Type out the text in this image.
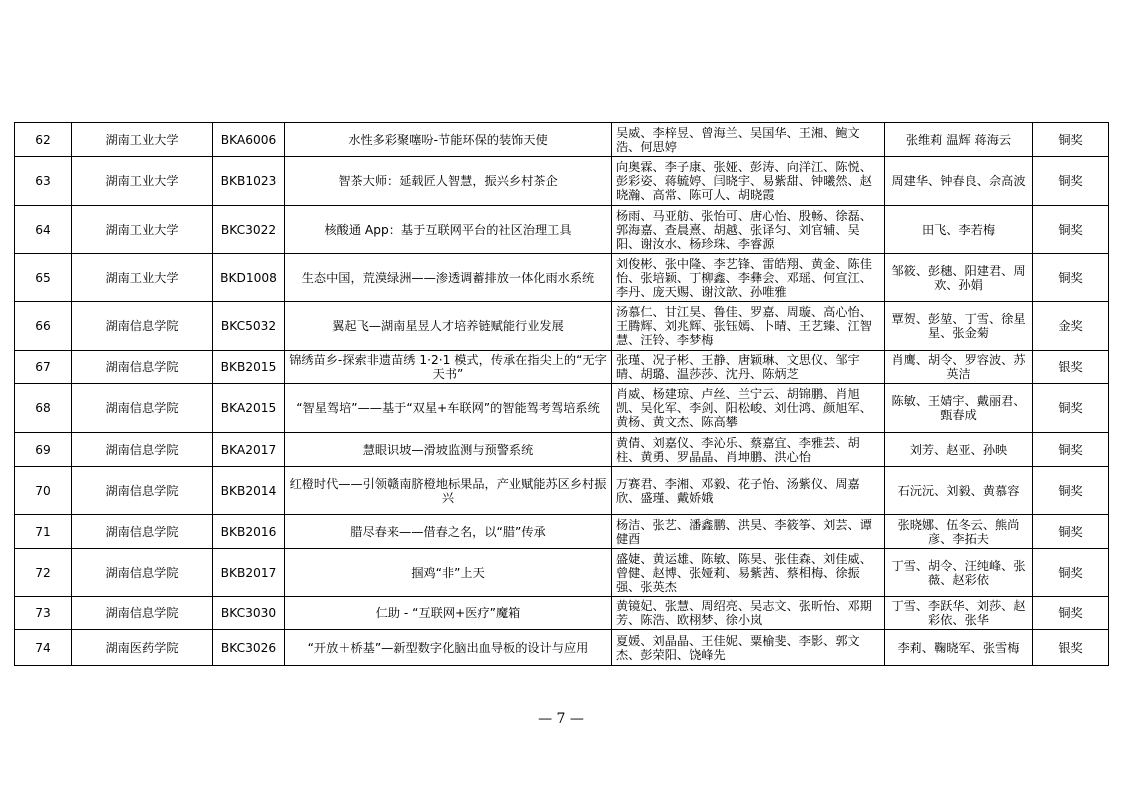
62	湖南工业大学	BKA6006	水性多彩聚噻吩-节能环保的装饰天使	吴威、李梓昱、曾海兰、吴国华、王湘、鲍文浩、何思婷	张维莉 温辉 蒋海云	铜奖
63	湖南工业大学	BKB1023	智茶大师：延载匠人智慧，振兴乡村茶企	向奥霖、李子康、张娅、彭涛、向洋江、陈悦、彭彩姿、蒋毓婷、闫晓宇、易紫甜、钟曦然、赵晓瀚、高常、陈可人、胡晓霞	周建华、钟春良、佘高波	铜奖
64	湖南工业大学	BKC3022	核酸通 App：基于互联网平台的社区治理工具	杨雨、马亚舫、张怡可、唐心怡、殷畅、徐磊、郭海嘉、查晨熹、胡越、张译匀、刘官辅、吴阳、谢汝水、杨珍珠、李睿源	田飞、李若梅	铜奖
65	湖南工业大学	BKD1008	生态中国，荒漠绿洲——渗透调蓄排放一体化雨水系统	刘俊彬、张中隆、李艺锋、雷皓翔、黄金、陈佳怡、张培颖、丁柳鑫、李彝会、邓瑶、何宣江、李丹、庞天赐、谢汶歆、孙唯雅	邹筱、彭穗、阳建君、周欢、孙娟	铜奖
66	湖南信息学院	BKC5032	翼起飞—湖南星昱人才培养链赋能行业发展	汤慕仁、甘江昊、鲁佳、罗嘉、周璇、高心怡、王腾辉、刘兆辉、张钰嫣、卜晴、王艺臻、江智慧、汪铃、李梦梅	覃贺、彭堃、丁雪、徐星星、张金菊	金奖
67	湖南信息学院	BKB2015	锦绣苗乡-探索非遗苗绣 1·2·1 模式，传承在指尖上的“无字天书”	张瑾、况子彬、王静、唐颖琳、文思仪、邹宇晴、胡璐、温莎莎、沈丹、陈炳芝	肖鹰、胡令、罗容波、苏英洁	银奖
68	湖南信息学院	BKA2015	“智星驾培”——基于“双星+车联网”的智能驾考驾培系统	肖威、杨建琼、卢丝、兰宁云、胡锦鹏、肖旭凯、吴化军、李剑、阳松峻、刘仕鸿、颜旭军、黄杨、黄文杰、陈高攀	陈敏、王婧宇、戴丽君、甄春成	铜奖
69	湖南信息学院	BKA2017	慧眼识坡—滑坡监测与预警系统	黄倩、刘嘉仪、李沁乐、蔡嘉宜、李雅芸、胡柱、黄勇、罗晶晶、肖坤鹏、洪心怡	刘芳、赵亚、孙映	铜奖
70	湖南信息学院	BKB2014	红橙时代——引领赣南脐橙地标果品，产业赋能苏区乡村振兴	万赛君、李湘、邓毅、花子怡、汤紫仪、周嘉欣、盛瑾、戴娇娥	石沅沅、刘毅、黄慕容	铜奖
71	湖南信息学院	BKB2016	腊尽春来——借春之名，以“腊”传承	杨洁、张艺、潘鑫鹏、洪昊、李筱筝、刘芸、谭健酉	张晓娜、伍冬云、熊尚彦、李拓夫	铜奖
72	湖南信息学院	BKB2017	掴鸡“非”上天	盛婕、黄运雄、陈敏、陈昊、张佳森、刘佳威、曾健、赵博、张娅莉、易紫茜、蔡相梅、徐振强、张英杰	丁雪、胡令、汪纯峰、张薇、赵彩依	铜奖
73	湖南信息学院	BKC3030	仁助 - “互联网+医疗”魔箱	黄镜妃、张慧、周绍亮、吴志文、张昕怡、邓期芳、陈浩、欧栩梦、徐小岚	丁雪、李跃华、刘莎、赵彩依、张华	铜奖
74	湖南医药学院	BKC3026	“开放＋桥基”—新型数字化脑出血导板的设计与应用	夏媛、刘晶晶、王佳妮、粟榆斐、李影、郭文杰、彭荣阳、饶峰先	李莉、鞠晓军、张雪梅	银奖
— 7 —
